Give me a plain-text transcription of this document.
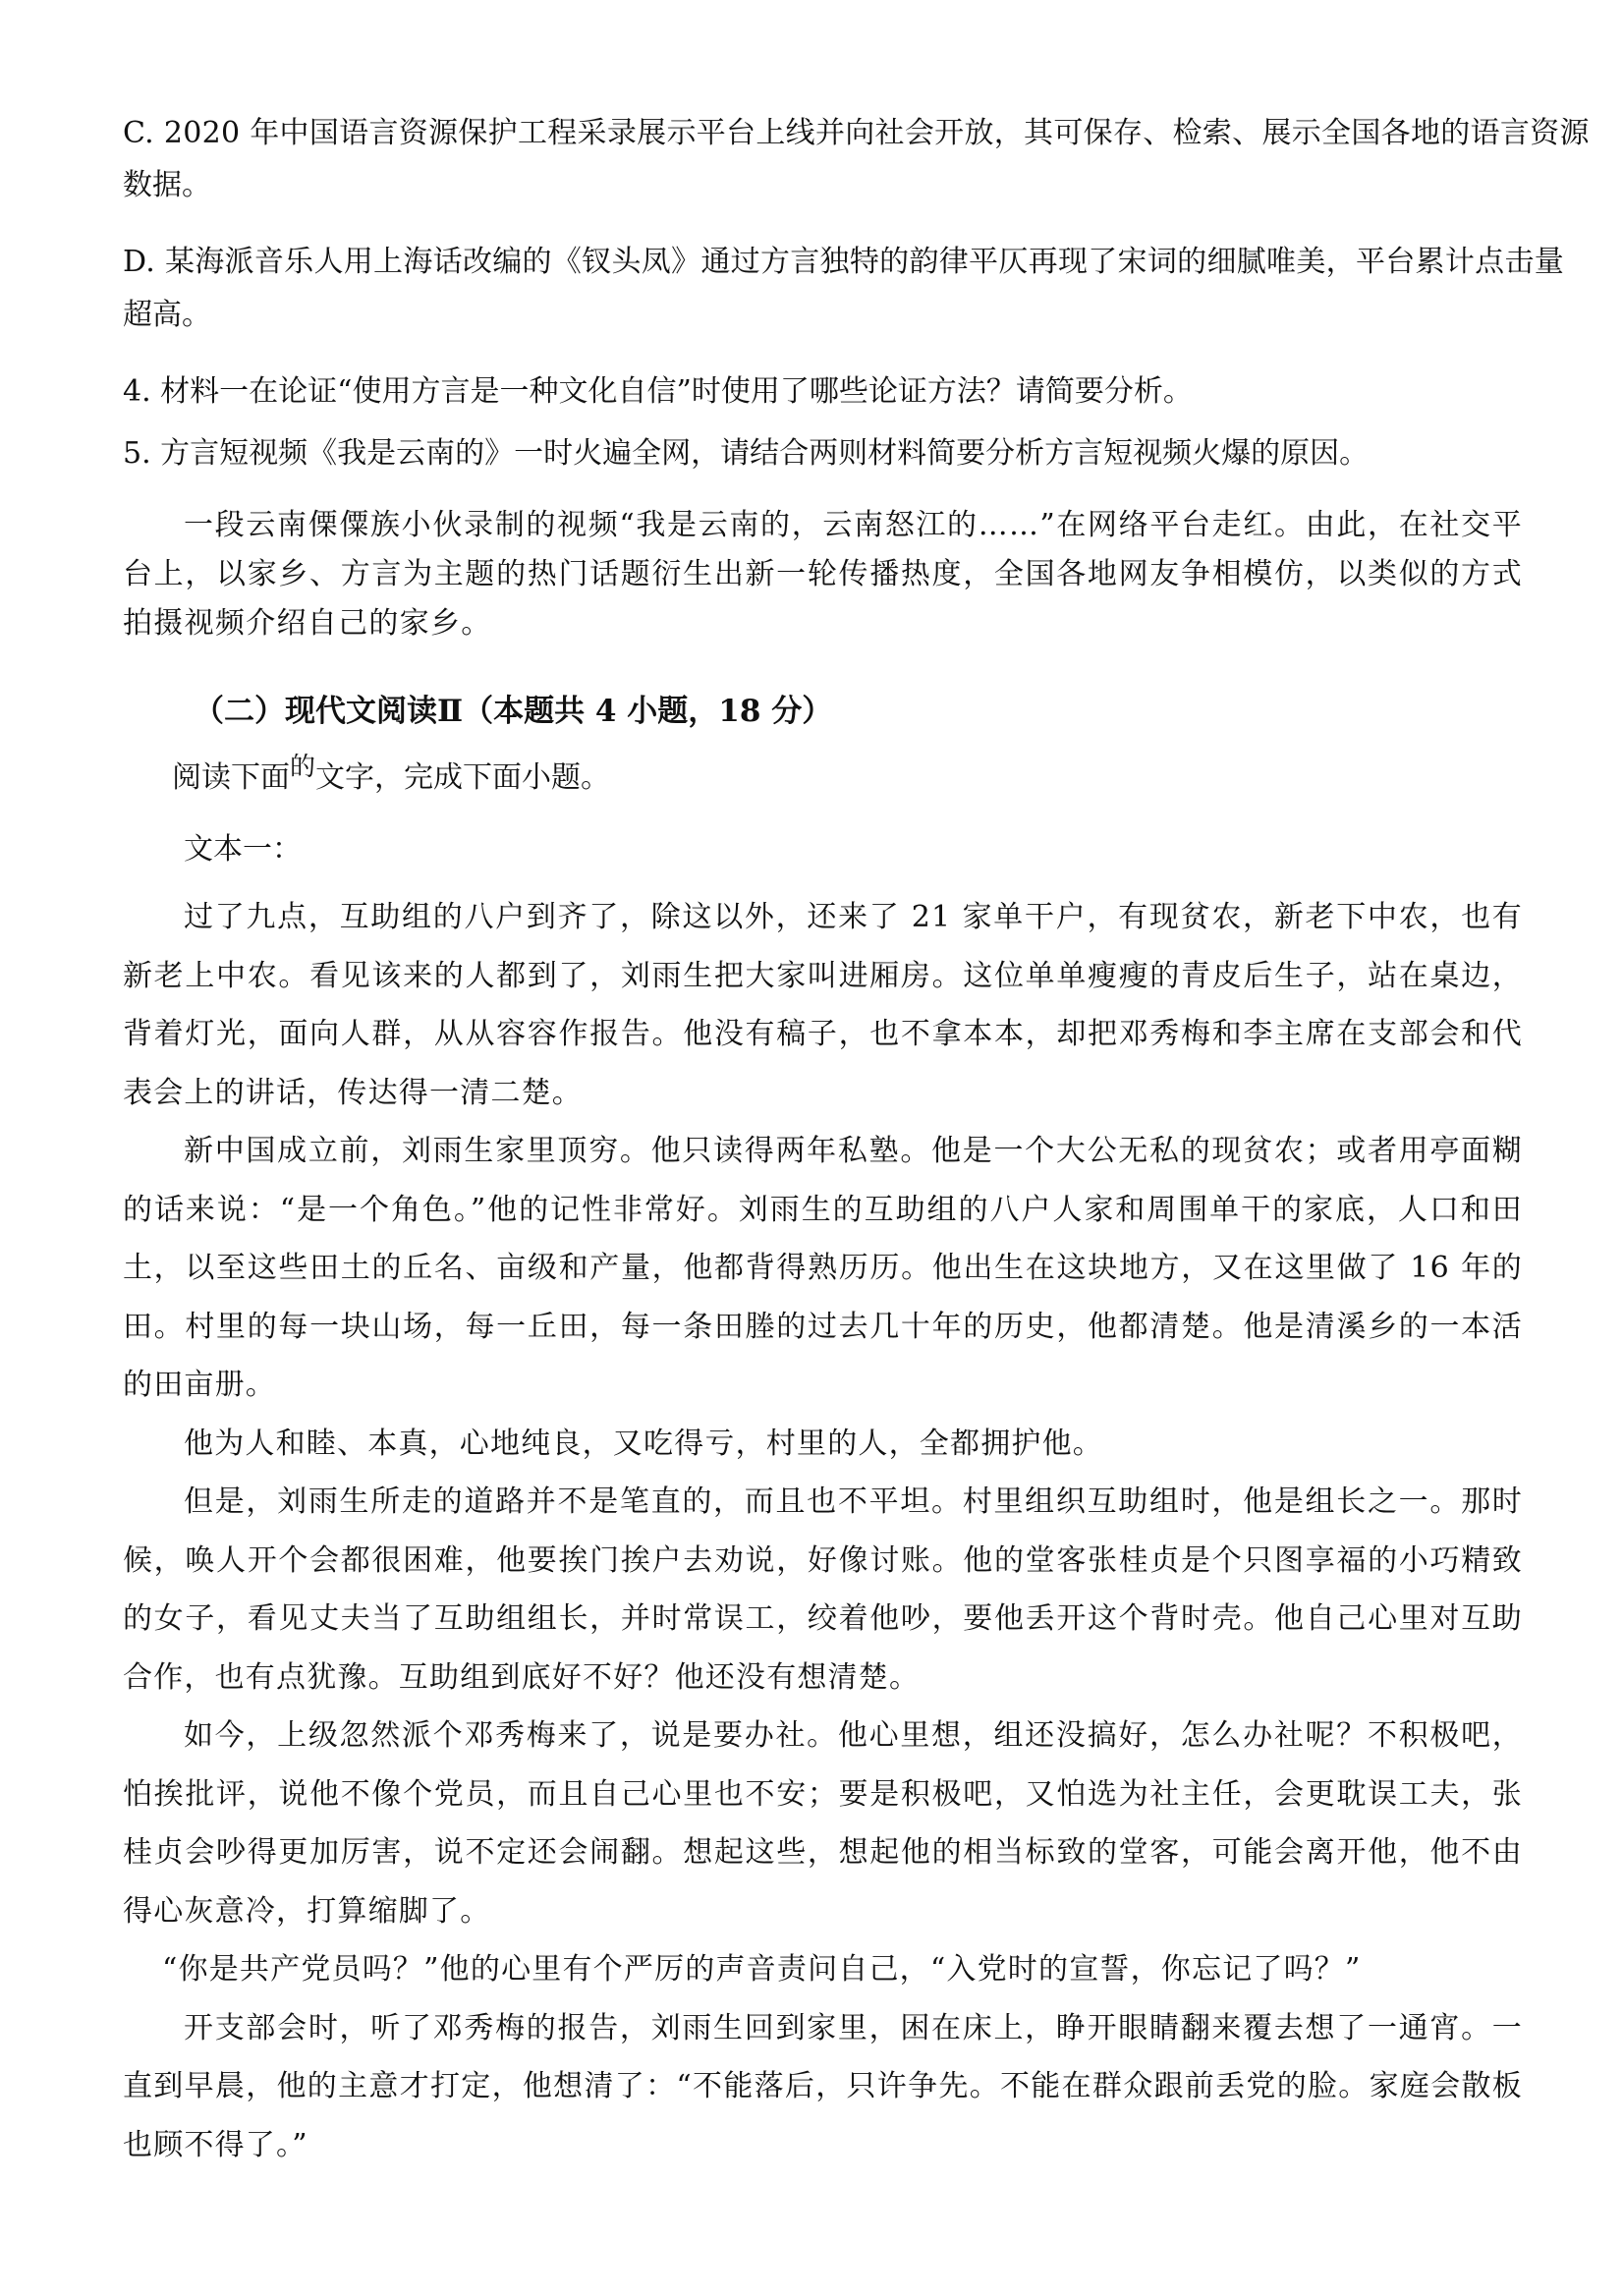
C. 2020 年中国语言资源保护工程采录展示平台上线并向社会开放，其可保存、检索、展示全国各地的语言资源

数据。

D. 某海派音乐人用上海话改编的《钗头凤》通过方言独特的韵律平仄再现了宋词的细腻唯美，平台累计点击量

超高。

4. 材料一在论证“使用方言是一种文化自信”时使用了哪些论证方法？请简要分析。

5. 方言短视频《我是云南的》一时火遍全网，请结合两则材料简要分析方言短视频火爆的原因。

一段云南傈僳族小伙录制的视频“我是云南的，云南怒江的……”在网络平台走红。由此，在社交平台上，以家乡、方言为主题的热门话题衍生出新一轮传播热度，全国各地网友争相模仿，以类似的方式拍摄视频介绍自己的家乡。
（二）现代文阅读Ⅱ（本题共 4 小题，18 分）
阅读下面的文字，完成下面小题。
文本一：

过了九点，互助组的八户到齐了，除这以外，还来了 21 家单干户，有现贫农，新老下中农，也有新老上中农。看见该来的人都到了，刘雨生把大家叫进厢房。这位单单瘦瘦的青皮后生子，站在桌边，背着灯光，面向人群，从从容容作报告。他没有稿子，也不拿本本，却把邓秀梅和李主席在支部会和代表会上的讲话，传达得一清二楚。

新中国成立前，刘雨生家里顶穷。他只读得两年私塾。他是一个大公无私的现贫农；或者用亭面糊的话来说：“是一个角色。”他的记性非常好。刘雨生的互助组的八户人家和周围单干的家底，人口和田土，以至这些田土的丘名、亩级和产量，他都背得熟历历。他出生在这块地方，又在这里做了 16 年的田。村里的每一块山场，每一丘田，每一条田塍的过去几十年的历史，他都清楚。他是清溪乡的一本活的田亩册。

他为人和睦、本真，心地纯良，又吃得亏，村里的人，全都拥护他。

但是，刘雨生所走的道路并不是笔直的，而且也不平坦。村里组织互助组时，他是组长之一。那时候，唤人开个会都很困难，他要挨门挨户去劝说，好像讨账。他的堂客张桂贞是个只图享福的小巧精致的女子，看见丈夫当了互助组组长，并时常误工，绞着他吵，要他丢开这个背时壳。他自己心里对互助合作，也有点犹豫。互助组到底好不好？他还没有想清楚。

如今，上级忽然派个邓秀梅来了，说是要办社。他心里想，组还没搞好，怎么办社呢？不积极吧，怕挨批评，说他不像个党员，而且自己心里也不安；要是积极吧，又怕选为社主任，会更耽误工夫，张桂贞会吵得更加厉害，说不定还会闹翻。想起这些，想起他的相当标致的堂客，可能会离开他，他不由得心灰意冷，打算缩脚了。

“你是共产党员吗？”他的心里有个严厉的声音责问自己，“入党时的宣誓，你忘记了吗？”

开支部会时，听了邓秀梅的报告，刘雨生回到家里，困在床上，睁开眼睛翻来覆去想了一通宵。一直到早晨，他的主意才打定，他想清了：“不能落后，只许争先。不能在群众跟前丢党的脸。家庭会散板也顾不得了。”
